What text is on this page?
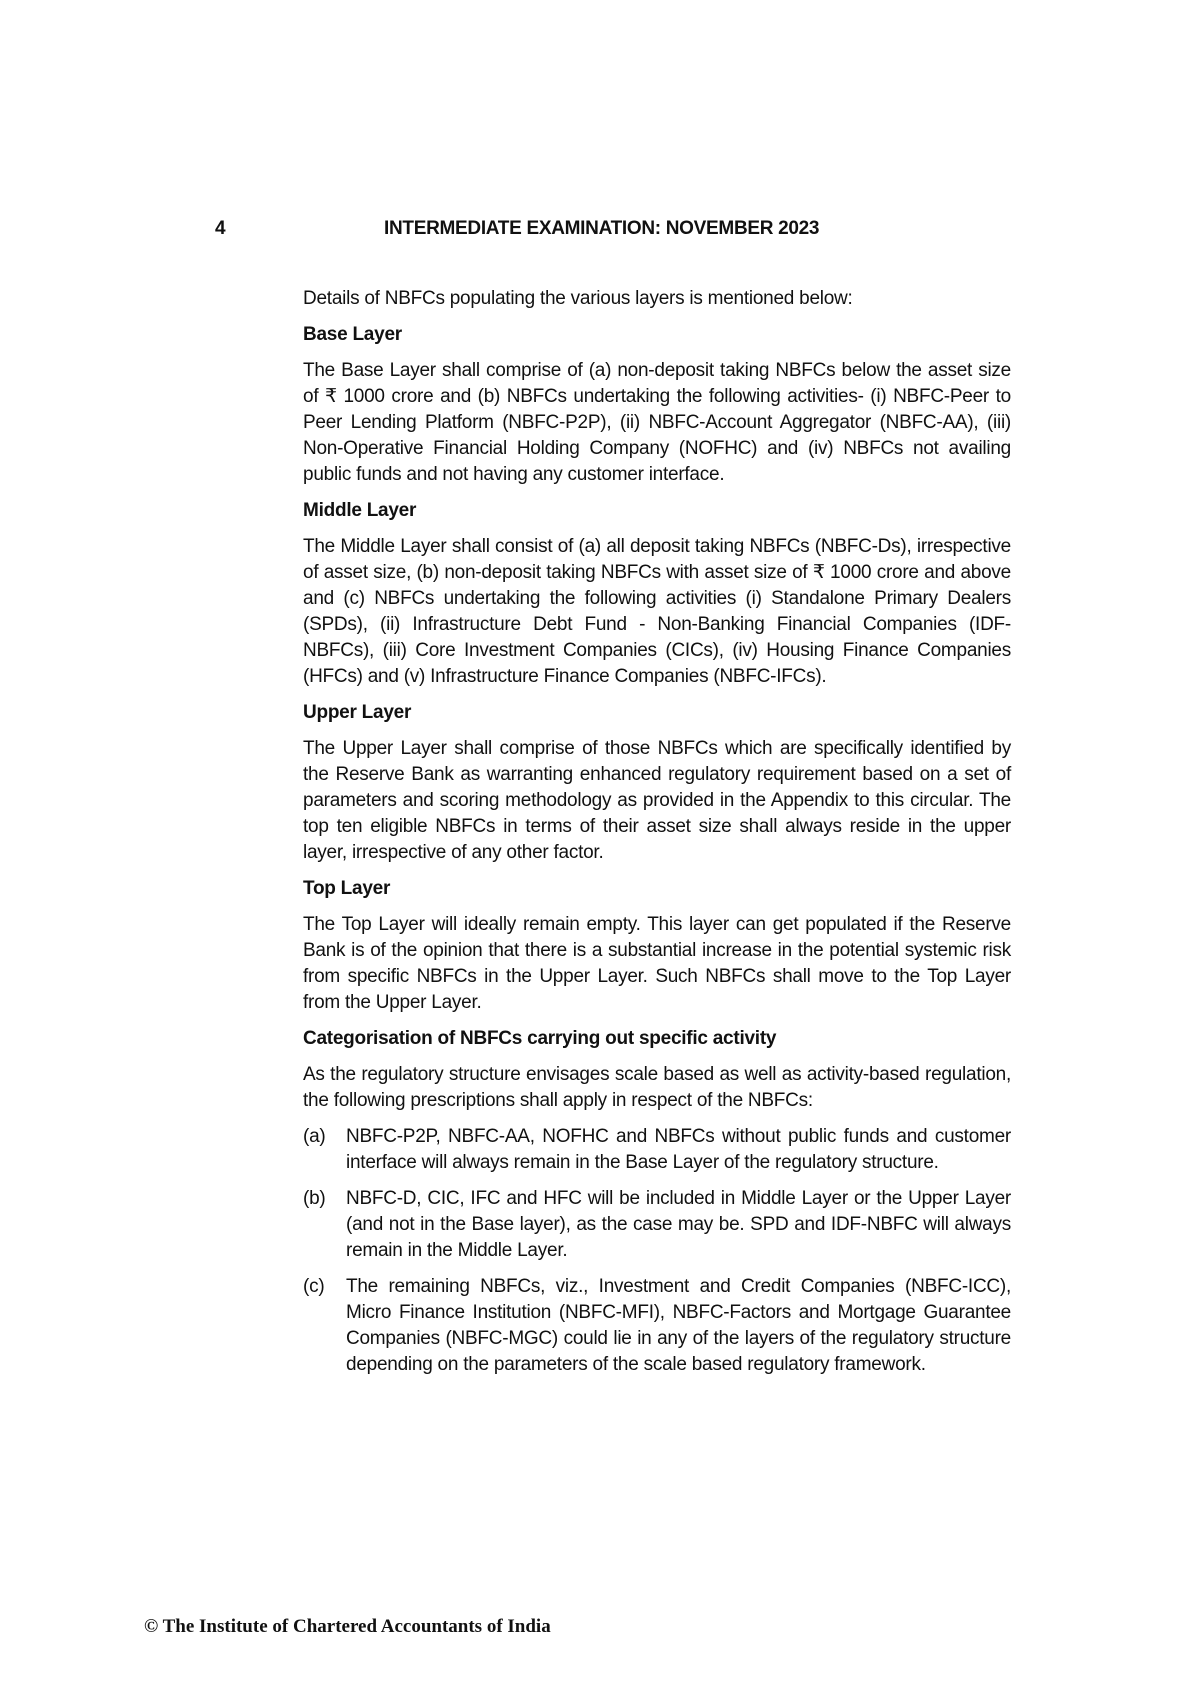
4	INTERMEDIATE EXAMINATION: NOVEMBER 2023

Details of NBFCs populating the various layers is mentioned below:

Base Layer

The Base Layer shall comprise of (a) non-deposit taking NBFCs below the asset size of ₹ 1000 crore and (b) NBFCs undertaking the following activities- (i) NBFC-Peer to Peer Lending Platform (NBFC-P2P), (ii) NBFC-Account Aggregator (NBFC-AA), (iii) Non-Operative Financial Holding Company (NOFHC) and (iv) NBFCs not availing public funds and not having any customer interface.

Middle Layer

The Middle Layer shall consist of (a) all deposit taking NBFCs (NBFC-Ds), irrespective of asset size, (b) non-deposit taking NBFCs with asset size of ₹ 1000 crore and above and (c) NBFCs undertaking the following activities (i) Standalone Primary Dealers (SPDs), (ii) Infrastructure Debt Fund - Non-Banking Financial Companies (IDF-NBFCs), (iii) Core Investment Companies (CICs), (iv) Housing Finance Companies (HFCs) and (v) Infrastructure Finance Companies (NBFC-IFCs).

Upper Layer

The Upper Layer shall comprise of those NBFCs which are specifically identified by the Reserve Bank as warranting enhanced regulatory requirement based on a set of parameters and scoring methodology as provided in the Appendix to this circular. The top ten eligible NBFCs in terms of their asset size shall always reside in the upper layer, irrespective of any other factor.

Top Layer

The Top Layer will ideally remain empty. This layer can get populated if the Reserve Bank is of the opinion that there is a substantial increase in the potential systemic risk from specific NBFCs in the Upper Layer. Such NBFCs shall move to the Top Layer from the Upper Layer.

Categorisation of NBFCs carrying out specific activity

As the regulatory structure envisages scale based as well as activity-based regulation, the following prescriptions shall apply in respect of the NBFCs:

(a)	NBFC-P2P, NBFC-AA, NOFHC and NBFCs without public funds and customer interface will always remain in the Base Layer of the regulatory structure.
(b)	NBFC-D, CIC, IFC and HFC will be included in Middle Layer or the Upper Layer (and not in the Base layer), as the case may be. SPD and IDF-NBFC will always remain in the Middle Layer.
(c)	The remaining NBFCs, viz., Investment and Credit Companies (NBFC-ICC), Micro Finance Institution (NBFC-MFI), NBFC-Factors and Mortgage Guarantee Companies (NBFC-MGC) could lie in any of the layers of the regulatory structure depending on the parameters of the scale based regulatory framework.
© The Institute of Chartered Accountants of India
